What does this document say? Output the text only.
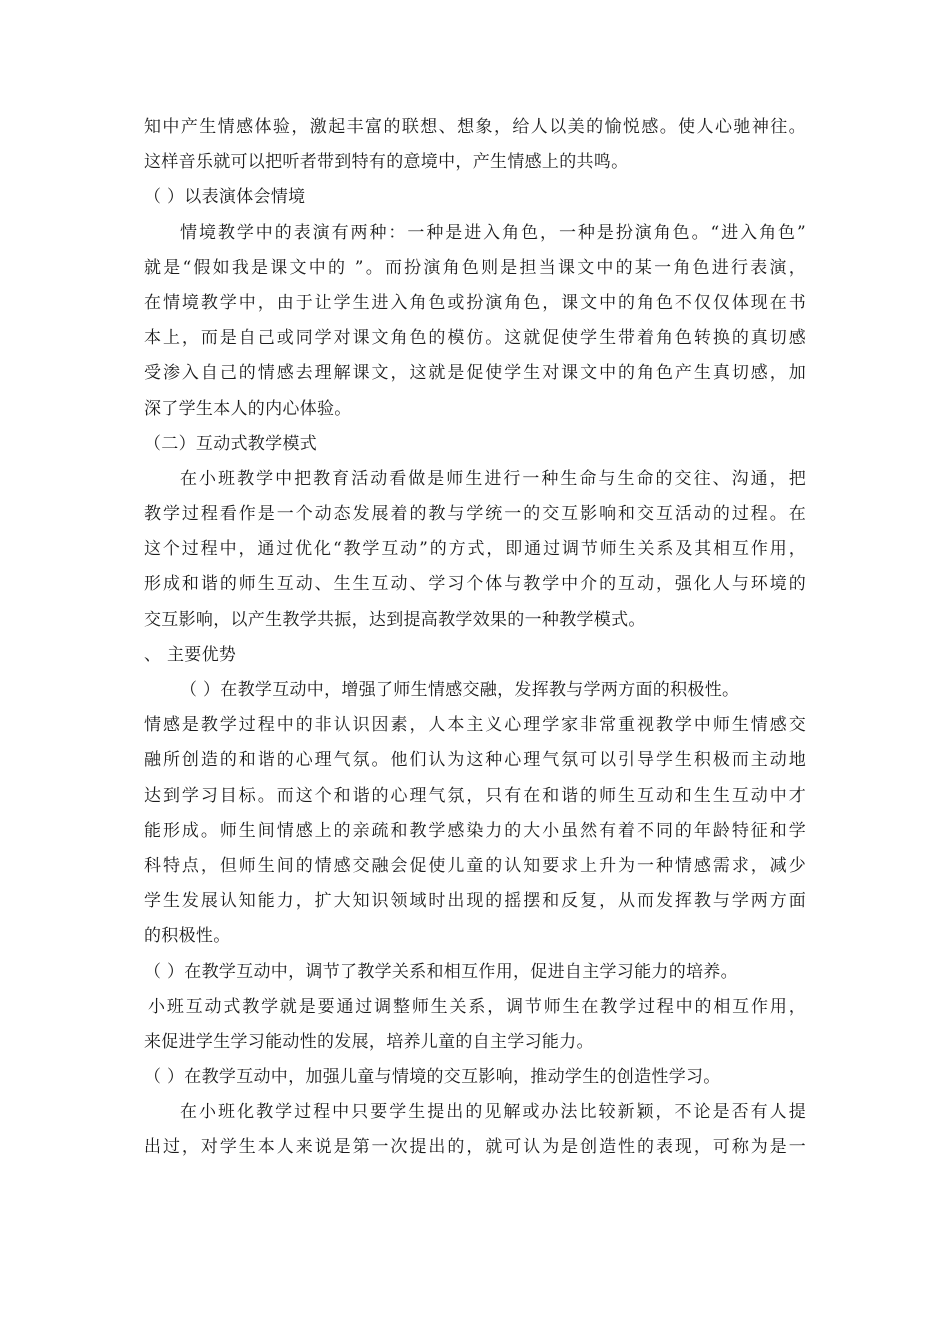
知中产生情感体验，激起丰富的联想、想象，给人以美的愉悦感。使人心驰神往。
这样音乐就可以把听者带到特有的意境中，产生情感上的共鸣。
（ ）以表演体会情境
情境教学中的表演有两种：一种是进入角色，一种是扮演角色。“进入角色”
就是“假如我是课文中的 ”。而扮演角色则是担当课文中的某一角色进行表演，
在情境教学中，由于让学生进入角色或扮演角色，课文中的角色不仅仅体现在书
本上，而是自己或同学对课文角色的模仿。这就促使学生带着角色转换的真切感
受渗入自己的情感去理解课文，这就是促使学生对课文中的角色产生真切感，加
深了学生本人的内心体验。
（二）互动式教学模式
在小班教学中把教育活动看做是师生进行一种生命与生命的交往、沟通，把
教学过程看作是一个动态发展着的教与学统一的交互影响和交互活动的过程。在
这个过程中，通过优化“教学互动”的方式，即通过调节师生关系及其相互作用，
形成和谐的师生互动、生生互动、学习个体与教学中介的互动，强化人与环境的
交互影响，以产生教学共振，达到提高教学效果的一种教学模式。
、 主要优势
（ ）在教学互动中，增强了师生情感交融，发挥教与学两方面的积极性。
情感是教学过程中的非认识因素，人本主义心理学家非常重视教学中师生情感交
融所创造的和谐的心理气氛。他们认为这种心理气氛可以引导学生积极而主动地
达到学习目标。而这个和谐的心理气氛，只有在和谐的师生互动和生生互动中才
能形成。师生间情感上的亲疏和教学感染力的大小虽然有着不同的年龄特征和学
科特点，但师生间的情感交融会促使儿童的认知要求上升为一种情感需求，减少
学生发展认知能力，扩大知识领域时出现的摇摆和反复，从而发挥教与学两方面
的积极性。
（ ）在教学互动中，调节了教学关系和相互作用，促进自主学习能力的培养。
小班互动式教学就是要通过调整师生关系，调节师生在教学过程中的相互作用，
来促进学生学习能动性的发展，培养儿童的自主学习能力。
（ ）在教学互动中，加强儿童与情境的交互影响，推动学生的创造性学习。
在小班化教学过程中只要学生提出的见解或办法比较新颖，不论是否有人提
出过，对学生本人来说是第一次提出的，就可认为是创造性的表现，可称为是一
